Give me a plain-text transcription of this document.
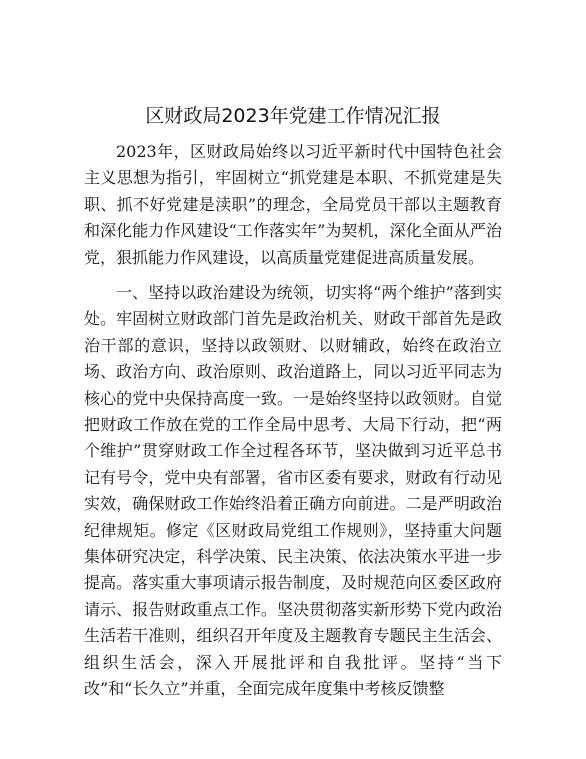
区财政局2023年党建工作情况汇报

2023年，区财政局始终以习近平新时代中国特色社会主义思想为指引，牢固树立“抓党建是本职、不抓党建是失职、抓不好党建是渎职”的理念，全局党员干部以主题教育和深化能力作风建设“工作落实年”为契机，深化全面从严治党，狠抓能力作风建设，以高质量党建促进高质量发展。

一、坚持以政治建设为统领，切实将“两个维护”落到实处。牢固树立财政部门首先是政治机关、财政干部首先是政治干部的意识，坚持以政领财、以财辅政，始终在政治立场、政治方向、政治原则、政治道路上，同以习近平同志为核心的党中央保持高度一致。一是始终坚持以政领财。自觉把财政工作放在党的工作全局中思考、大局下行动，把“两个维护”贯穿财政工作全过程各环节，坚决做到习近平总书记有号令，党中央有部署，省市区委有要求，财政有行动见实效，确保财政工作始终沿着正确方向前进。二是严明政治纪律规矩。修定《区财政局党组工作规则》，坚持重大问题集体研究决定，科学决策、民主决策、依法决策水平进一步提高。落实重大事项请示报告制度，及时规范向区委区政府请示、报告财政重点工作。坚决贯彻落实新形势下党内政治生活若干准则，组织召开年度及主题教育专题民主生活会、组织生活会，深入开展批评和自我批评。坚持“当下改”和“长久立”并重，全面完成年度集中考核反馈整
